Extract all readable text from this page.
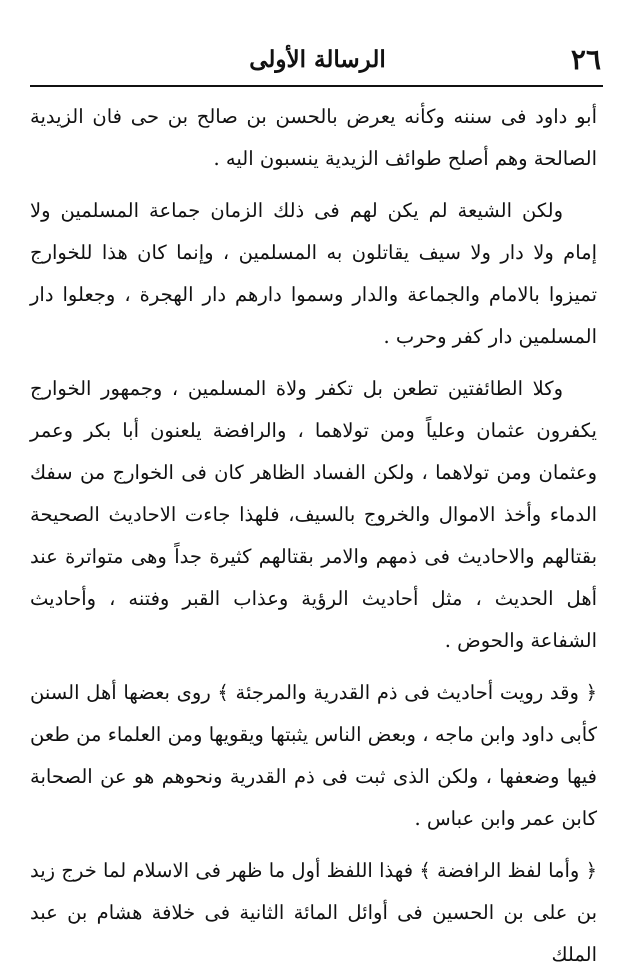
٢٦
الرسالة الأولى

أبو داود فى سننه وكأنه يعرض بالحسن بن صالح بن حى فان الزيدية الصالحة وهم أصلح طوائف الزيدية ينسبون اليه .

ولكن الشيعة لم يكن لهم فى ذلك الزمان جماعة المسلمين ولا إمام ولا دار ولا سيف يقاتلون به المسلمين ، وإنما كان هذا للخوارج تميزوا بالامام والجماعة والدار وسموا دارهم دار الهجرة ، وجعلوا دار المسلمين دار كفر وحرب .

وكلا الطائفتين تطعن بل تكفر ولاة المسلمين ، وجمهور الخوارج يكفرون عثمان وعلياً ومن تولاهما ، والرافضة يلعنون أبا بكر وعمر وعثمان ومن تولاهما ، ولكن الفساد الظاهر كان فى الخوارج من سفك الدماء وأخذ الاموال والخروج بالسيف، فلهذا جاءت الاحاديث الصحيحة بقتالهم والاحاديث فى ذمهم والامر بقتالهم كثيرة جداً وهى متواترة عند أهل الحديث ، مثل أحاديث الرؤية وعذاب القبر وفتنه ، وأحاديث الشفاعة والحوض .

﴿ وقد رويت أحاديث فى ذم القدرية والمرجئة ﴾ روى بعضها أهل السنن كأبى داود وابن ماجه ، وبعض الناس يثبتها ويقويها ومن العلماء من طعن فيها وضعفها ، ولكن الذى ثبت فى ذم القدرية ونحوهم هو عن الصحابة كابن عمر وابن عباس .

﴿ وأما لفظ الرافضة ﴾ فهذا اللفظ أول ما ظهر فى الاسلام لما خرج زيد بن على بن الحسين فى أوائل المائة الثانية فى خلافة هشام بن عبد الملك
